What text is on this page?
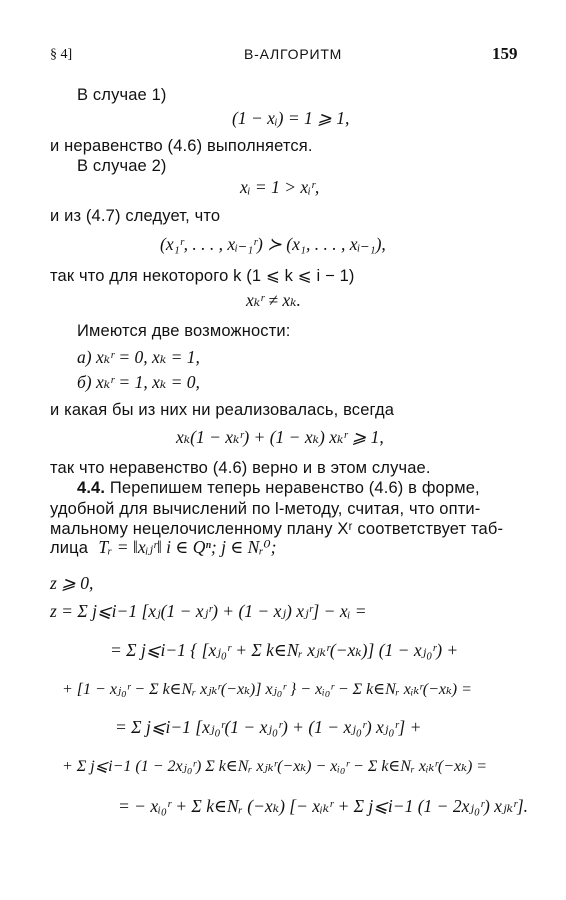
§ 4]	B-АЛГОРИТМ	159
В случае 1)
(1 − xᵢ) = 1 ⩾ 1,
и неравенство (4.6) выполняется.
В случае 2)
xᵢ = 1 > xᵢʳ,
и из (4.7) следует, что
(x₁ʳ, . . . , xᵢ₋₁ʳ) ≻ (x₁, . . . , xᵢ₋₁),
так что для некоторого k (1 ⩽ k ⩽ i − 1)
xₖʳ ≠ xₖ.
Имеются две возможности:
а) xₖʳ = 0, xₖ = 1,
б) xₖʳ = 1, xₖ = 0,
и какая бы из них ни реализовалась, всегда
xₖ(1 − xₖʳ) + (1 − xₖ) xₖʳ ⩾ 1,
так что неравенство (4.6) верно и в этом случае.
4.4. Перепишем теперь неравенство (4.6) в форме,
удобной для вычислений по l-методу, считая, что опти-
мальному нецелочисленному плану Xʳ соответствует таб-
лица Tᵣ = ‖xᵢⱼʳ‖ i ∈ Qⁿ; j ∈ Nᵣ⁰;
z ⩾ 0,
z = Σ j⩽i−1 [xⱼ(1 − xⱼʳ) + (1 − xⱼ) xⱼʳ] − xᵢ =
= Σ j⩽i−1 { [xⱼ₀ʳ + Σ k∈Nᵣ xⱼₖʳ(−xₖ)] (1 − xⱼ₀ʳ) +
+ [1 − xⱼ₀ʳ − Σ k∈Nᵣ xⱼₖʳ(−xₖ)] xⱼ₀ʳ } − xᵢ₀ʳ − Σ k∈Nᵣ xᵢₖʳ(−xₖ) =
= Σ j⩽i−1 [xⱼ₀ʳ(1 − xⱼ₀ʳ) + (1 − xⱼ₀ʳ) xⱼ₀ʳ] +
+ Σ j⩽i−1 (1 − 2xⱼ₀ʳ) Σ k∈Nᵣ xⱼₖʳ(−xₖ) − xᵢ₀ʳ − Σ k∈Nᵣ xᵢₖʳ(−xₖ) =
= − xᵢ₀ʳ + Σ k∈Nᵣ (−xₖ) [− xᵢₖʳ + Σ j⩽i−1 (1 − 2xⱼ₀ʳ) xⱼₖʳ].
